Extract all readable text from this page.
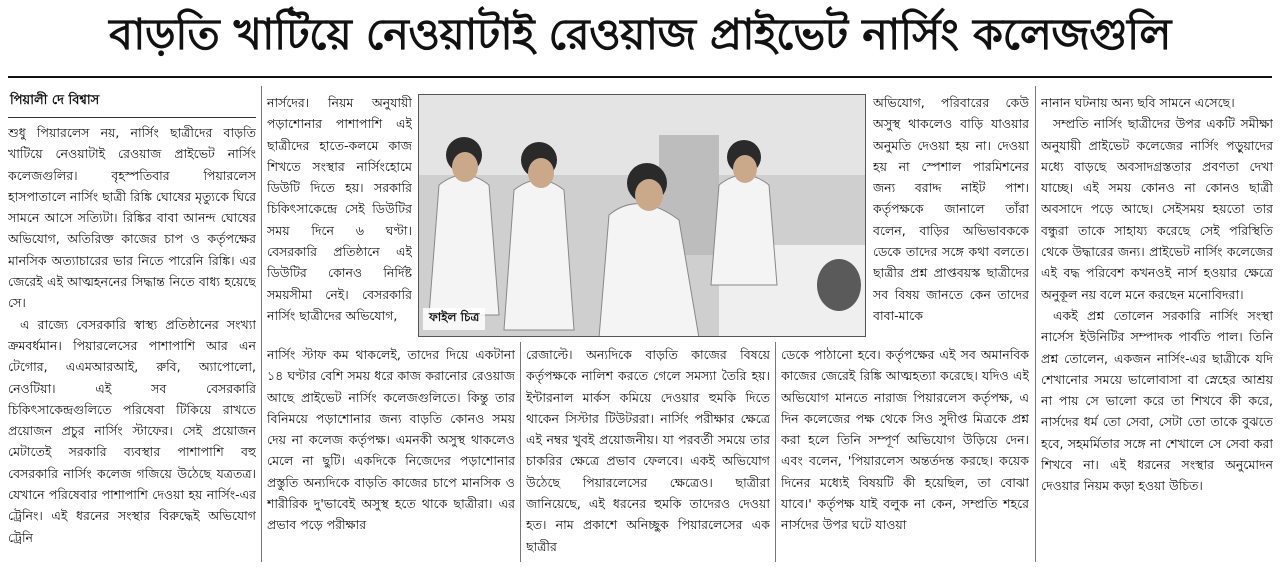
বাড়তি খাটিয়ে নেওয়াটাই রেওয়াজ প্রাইভেট নার্সিং কলেজগুলি
পিয়ালী দে বিশ্বাস

শুধু পিয়ারলেস নয়, নার্সিং ছাত্রীদের বাড়তি খাটিয়ে নেওয়াটাই রেওয়াজ প্রাইভেট নার্সিং কলেজগুলির। বৃহস্পতিবার পিয়ারলেস হাসপাতালে নার্সিং ছাত্রী রিঙ্কি ঘোষের মৃত্যুকে ঘিরে সামনে আসে সত্যিটা। রিঙ্কির বাবা আনন্দ ঘোষের অভিযোগ, অতিরিক্ত কাজের চাপ ও কর্তৃপক্ষের মানসিক অত্যাচারের ভার নিতে পারেনি রিঙ্কি। এর জেরেই এই আত্মহননের সিদ্ধান্ত নিতে বাধ্য হয়েছে সে।

এ রাজ্যে বেসরকারি স্বাস্থ্য প্রতিষ্ঠানের সংখ্যা ক্রমবর্ধমান। পিয়ারলেসের পাশাপাশি আর এন টেগোর, এএমআরআই, রুবি, অ্যাপোলো, নেওটিয়া। এই সব বেসরকারি চিকিৎসাকেন্দ্রগুলিতে পরিষেবা টিকিয়ে রাখতে প্রয়োজন প্রচুর নার্সিং স্টাফের। সেই প্রয়োজন মেটাতেই সরকারি ব্যবস্থার পাশাপাশি বহু বেসরকারি নার্সিং কলেজ গজিয়ে উঠেছে যত্রতত্র। যেখানে পরিষেবার পাশাপাশি দেওয়া হয় নার্সিং-এর ট্রেনিং। এই ধরনের সংস্থার বিরুদ্ধেই অভিযোগ ট্রেনি

নার্সদের। নিয়ম অনুযায়ী পড়াশোনার পাশাপাশি এই ছাত্রীদের হাতে-কলমে কাজ শিখতে সংস্থার নার্সিংহোমে ডিউটি দিতে হয়। সরকারি চিকিৎসাকেন্দ্রে সেই ডিউটির সময় দিনে ৬ ঘণ্টা। বেসরকারি প্রতিষ্ঠানে এই ডিউটির কোনও নির্দিষ্ট সময়সীমা নেই। বেসরকারি নার্সিং ছাত্রীদের অভিযোগ,	ফাইল চিত্র

নার্সিং স্টাফ কম থাকলেই, তাদের দিয়ে একটানা ১৪ ঘণ্টার বেশি সময় ধরে কাজ করানোর রেওয়াজ আছে প্রাইভেট নার্সিং কলেজগুলিতে। কিন্তু তার বিনিময়ে পড়াশোনার জন্য বাড়তি কোনও সময় দেয় না কলেজ কর্তৃপক্ষ। এমনকী অসুস্থ থাকলেও মেলে না ছুটি। একদিকে নিজেদের পড়াশোনার প্রস্তুতি অন্যদিকে বাড়তি কাজের চাপে মানসিক ও শারীরিক দু'ভাবেই অসুস্থ হতে থাকে ছাত্রীরা। এর প্রভাব পড়ে পরীক্ষার

রেজাল্টে। অন্যদিকে বাড়তি কাজের বিষয়ে কর্তৃপক্ষকে নালিশ করতে গেলে সমস্যা তৈরি হয়। ইন্টারনাল মার্কস কমিয়ে দেওয়ার হুমকি দিতে থাকেন সিস্টার টিউটররা। নার্সিং পরীক্ষার ক্ষেত্রে এই নম্বর খুবই প্রয়োজনীয়। যা পরবর্তী সময়ে তার চাকরির ক্ষেত্রে প্রভাব ফেলবে। একই অভিযোগ উঠেছে পিয়ারলেসের ক্ষেত্রেও। ছাত্রীরা জানিয়েছে, এই ধরনের হুমকি তাদেরও দেওয়া হত। নাম প্রকাশে অনিচ্ছুক পিয়ারলেসের এক ছাত্রীর

ডেকে পাঠানো হবে। কর্তৃপক্ষের এই সব অমানবিক কাজের জেরেই রিঙ্কি আত্মহত্যা করেছে। যদিও এই অভিযোগ মানতে নারাজ পিয়ারলেস কর্তৃপক্ষ, এ দিন কলেজের পক্ষ থেকে সিও সুদীপ্ত মিত্রকে প্রশ্ন করা হলে তিনি সম্পূর্ণ অভিযোগ উড়িয়ে দেন। এবং বলেন, 'পিয়ারলেস অন্তর্তদন্ত করছে। কয়েক দিনের মধ্যেই বিষয়টি কী হয়েছিল, তা বোঝা যাবে।' কর্তৃপক্ষ যাই বলুক না কেন, সম্প্রতি শহরে নার্সদের উপর ঘটে যাওয়া

অভিযোগ, পরিবারের কেউ অসুস্থ থাকলেও বাড়ি যাওয়ার অনুমতি দেওয়া হয় না। দেওয়া হয় না স্পেশাল পারমিশনের জন্য বরাদ্দ নাইট পাশ। কর্তৃপক্ষকে জানালে তাঁরা বলেন, বাড়ির অভিভাবককে ডেকে তাদের সঙ্গে কথা বলতে। ছাত্রীর প্রশ্ন প্রাপ্তবয়স্ক ছাত্রীদের সব বিষয় জানতে কেন তাদের বাবা-মাকে

নানান ঘটনায় অন্য ছবি সামনে এসেছে।

সম্প্রতি নার্সিং ছাত্রীদের উপর একটি সমীক্ষা অনুযায়ী প্রাইভেট কলেজের নার্সিং পড়ুয়াদের মধ্যে বাড়ছে অবসাদগ্রস্ততার প্রবণতা দেখা যাচ্ছে। এই সময় কোনও না কোনও ছাত্রী অবসাদে পড়ে আছে। সেইসময় হয়তো তার বন্ধুরা তাকে সাহায্য করেছে সেই পরিস্থিতি থেকে উদ্ধারের জন্য। প্রাইভেট নার্সিং কলেজের এই বদ্ধ পরিবেশ কখনওই নার্স হওয়ার ক্ষেত্রে অনুকূল নয় বলে মনে করছেন মনোবিদরা।

একই প্রশ্ন তোলেন সরকারি নার্সিং সংস্থা নার্সেস ইউনিটির সম্পাদক পার্বতি পাল। তিনি প্রশ্ন তোলেন, একজন নার্সিং-এর ছাত্রীকে যদি শেখানোর সময়ে ভালোবাসা বা স্নেহের আশ্রয় না পায় সে ভালো করে তা শিখবে কী করে, নার্সদের ধর্ম তো সেবা, সেটা তো তাকে বুঝতে হবে, সহমর্মিতার সঙ্গে না শেখালে সে সেবা করা শিখবে না। এই ধরনের সংস্থার অনুমোদন দেওয়ার নিয়ম কড়া হওয়া উচিত।
